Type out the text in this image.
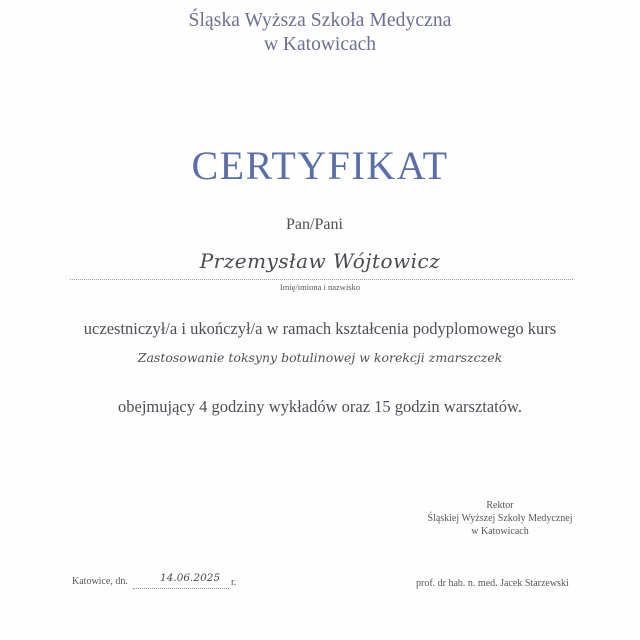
Śląska Wyższa Szkoła Medyczna
w Katowicach
CERTYFIKAT
Pan/Pani
Przemysław Wójtowicz
Imię/imiona i nazwisko
uczestniczył/a i ukończył/a w ramach kształcenia podyplomowego kurs
Zastosowanie toksyny botulinowej w korekcji zmarszczek
obejmujący 4 godziny wykładów oraz 15 godzin warsztatów.
Rektor
Śląskiej Wyższej Szkoły Medycznej
w Katowicach
Katowice, dn.	14.06.2025 r.	prof. dr hab. n. med. Jacek Starzewski
